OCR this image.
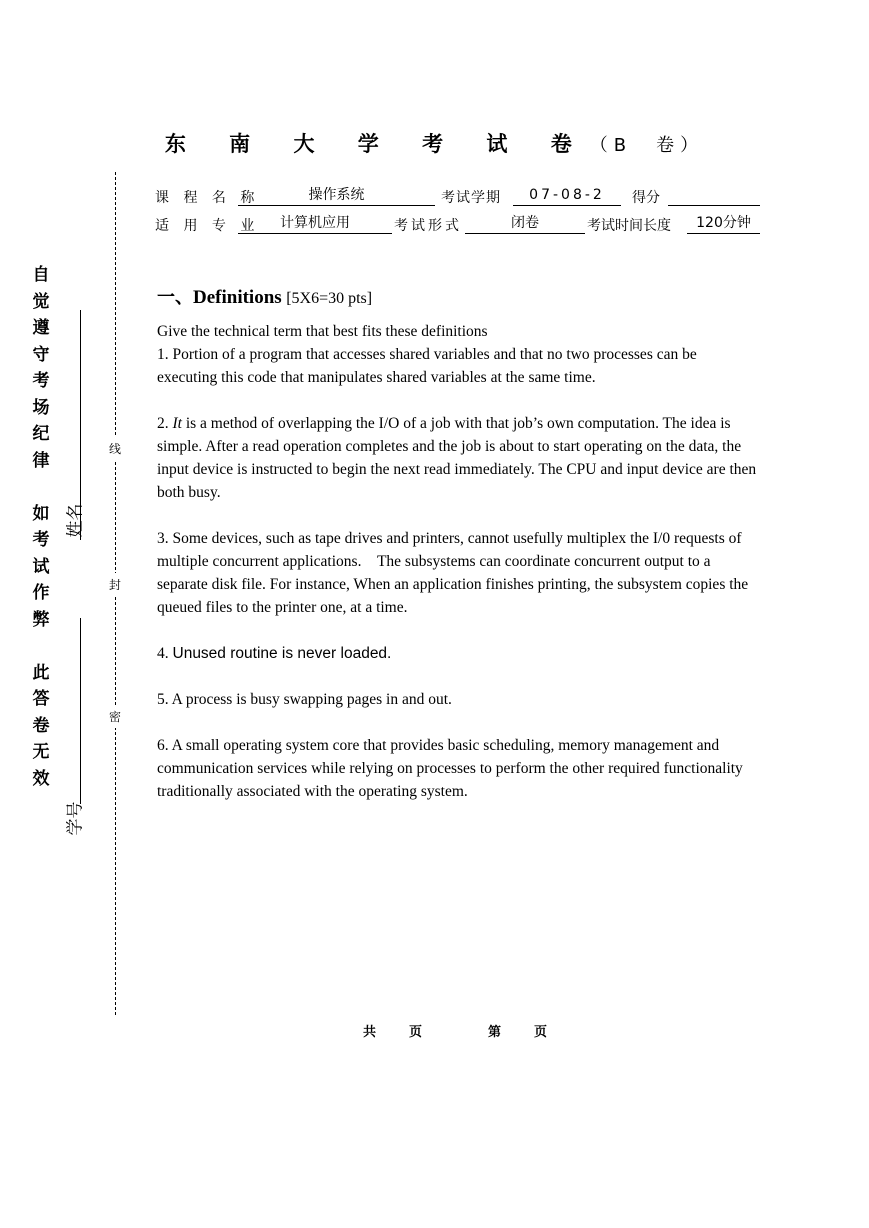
东 南 大 学 考 试 卷（B　卷）
课 程 名 称	操作系统	考试学期	07-08-2	得分
适 用 专 业	计算机应用	考试形式	闭卷	考试时间长度	120分钟
自
觉
遵
守
考
场
纪
律

如
考
试
作
弊

此
答
卷
无
效
姓名
学号
线
封
密
一、Definitions [5X6=30 pts]

Give the technical term that best fits these definitions

1. Portion of a program that accesses shared variables and that no two processes can be executing this code that manipulates shared variables at the same time.

2. It is a method of overlapping the I/O of a job with that job’s own computation. The idea is simple. After a read operation completes and the job is about to start operating on the data, the input device is instructed to begin the next read immediately. The CPU and input device are then both busy.

3. Some devices, such as tape drives and printers, cannot usefully multiplex the I/0 requests of multiple concurrent applications.　The subsystems can coordinate concurrent output to a separate disk file. For instance, When an application finishes printing, the subsystem copies the queued files to the printer one, at a time.

4. Unused routine is never loaded.

5. A process is busy swapping pages in and out.

6. A small operating system core that provides basic scheduling, memory management and communication services while relying on processes to perform the other required functionality traditionally associated with the operating system.

共	页	第	页
